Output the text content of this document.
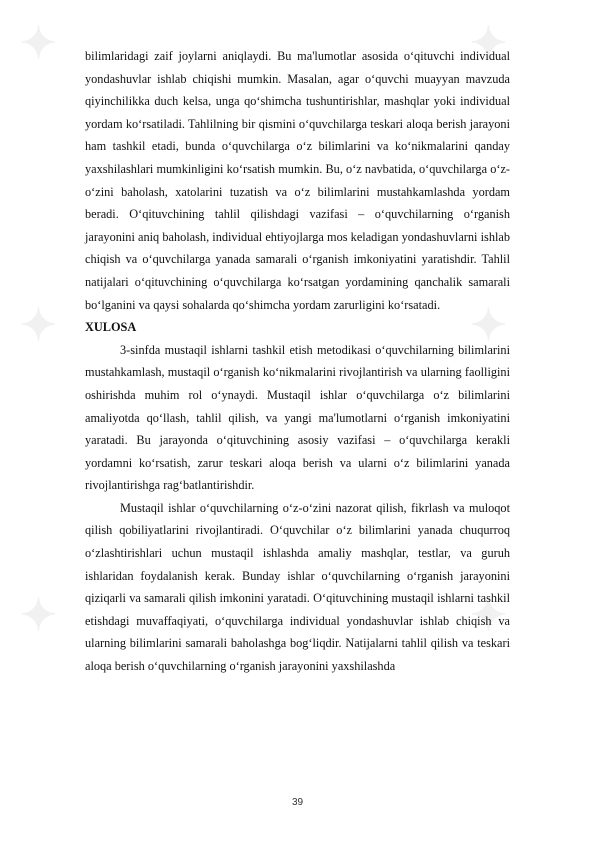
✦	✦
✦	✦
✦	✦

bilimlaridagi zaif joylarni aniqlaydi. Bu ma'lumotlar asosida o‘qituvchi individual yondashuvlar ishlab chiqishi mumkin. Masalan, agar o‘quvchi muayyan mavzuda qiyinchilikka duch kelsa, unga qo‘shimcha tushuntirishlar, mashqlar yoki individual yordam ko‘rsatiladi. Tahlilning bir qismini o‘quvchilarga teskari aloqa berish jarayoni ham tashkil etadi, bunda o‘quvchilarga o‘z bilimlarini va ko‘nikmalarini qanday yaxshilashlari mumkinligini ko‘rsatish mumkin. Bu, o‘z navbatida, o‘quvchilarga o‘z-o‘zini baholash, xatolarini tuzatish va o‘z bilimlarini mustahkamlashda yordam beradi. O‘qituvchining tahlil qilishdagi vazifasi – o‘quvchilarning o‘rganish jarayonini aniq baholash, individual ehtiyojlarga mos keladigan yondashuvlarni ishlab chiqish va o‘quvchilarga yanada samarali o‘rganish imkoniyatini yaratishdir. Tahlil natijalari o‘qituvchining o‘quvchilarga ko‘rsatgan yordamining qanchalik samarali bo‘lganini va qaysi sohalarda qo‘shimcha yordam zarurligini ko‘rsatadi.

XULOSA

3-sinfda mustaqil ishlarni tashkil etish metodikasi o‘quvchilarning bilimlarini mustahkamlash, mustaqil o‘rganish ko‘nikmalarini rivojlantirish va ularning faolligini oshirishda muhim rol o‘ynaydi. Mustaqil ishlar o‘quvchilarga o‘z bilimlarini amaliyotda qo‘llash, tahlil qilish, va yangi ma'lumotlarni o‘rganish imkoniyatini yaratadi. Bu jarayonda o‘qituvchining asosiy vazifasi – o‘quvchilarga kerakli yordamni ko‘rsatish, zarur teskari aloqa berish va ularni o‘z bilimlarini yanada rivojlantirishga rag‘batlantirishdir.

Mustaqil ishlar o‘quvchilarning o‘z-o‘zini nazorat qilish, fikrlash va muloqot qilish qobiliyatlarini rivojlantiradi. O‘quvchilar o‘z bilimlarini yanada chuqurroq o‘zlashtirishlari uchun mustaqil ishlashda amaliy mashqlar, testlar, va guruh ishlaridan foydalanish kerak. Bunday ishlar o‘quvchilarning o‘rganish jarayonini qiziqarli va samarali qilish imkonini yaratadi. O‘qituvchining mustaqil ishlarni tashkil etishdagi muvaffaqiyati, o‘quvchilarga individual yondashuvlar ishlab chiqish va ularning bilimlarini samarali baholashga bog‘liqdir. Natijalarni tahlil qilish va teskari aloqa berish o‘quvchilarning o‘rganish jarayonini yaxshilashda

39
